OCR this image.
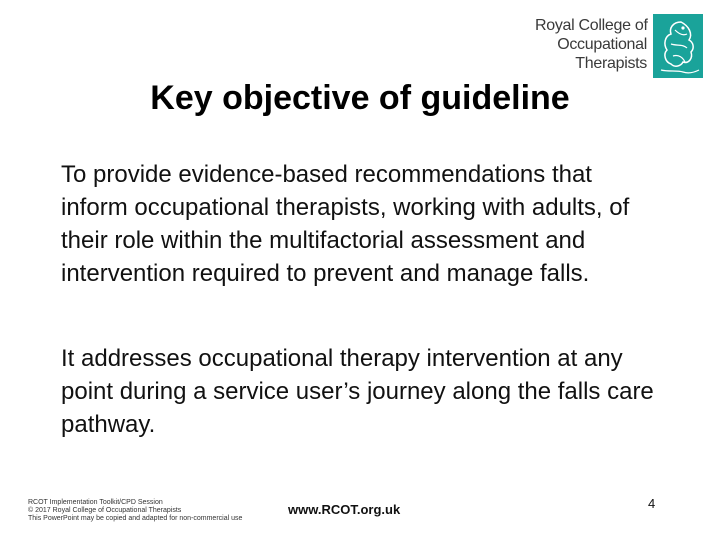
Royal College of
Occupational
Therapists
Key objective of guideline

To provide evidence-based recommendations that inform occupational therapists, working with adults, of their role within the multifactorial assessment and intervention required to prevent and manage falls.

It addresses occupational therapy intervention at any point during a service user’s journey along the falls care pathway.

RCOT Implementation Toolkit/CPD Session
© 2017 Royal College of Occupational Therapists
This PowerPoint may be copied and adapted for non-commercial use
www.RCOT.org.uk	4
